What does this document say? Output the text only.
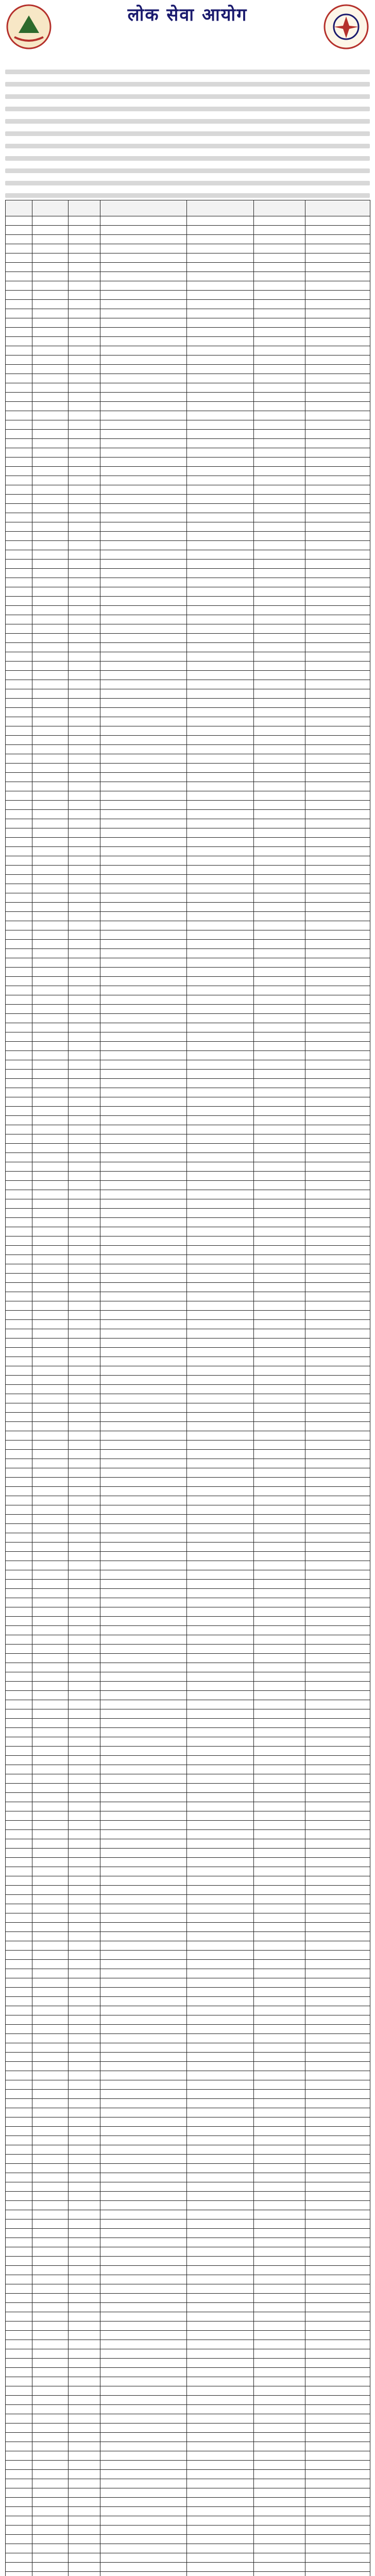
लोक सेवा आयोग
